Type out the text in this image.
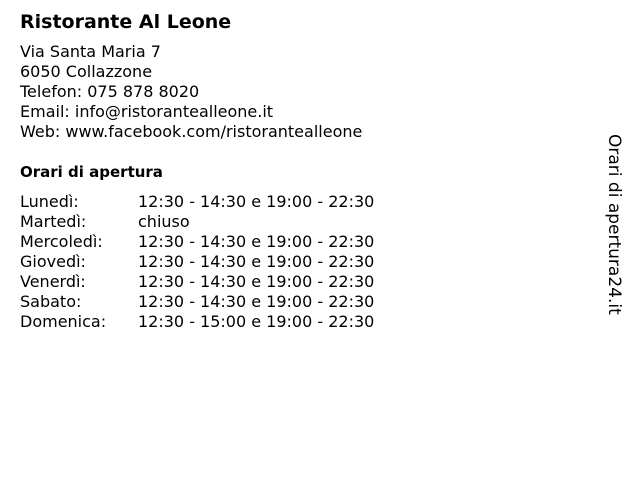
Ristorante Al Leone
Via Santa Maria 7
6050 Collazzone
Telefon: 075 878 8020
Email: info@ristorantealleone.it
Web: www.facebook.com/ristorantealleone
Orari di apertura
Lunedì:	12:30 - 14:30 e 19:00 - 22:30
Martedì:	chiuso
Mercoledì:	12:30 - 14:30 e 19:00 - 22:30
Giovedì:	12:30 - 14:30 e 19:00 - 22:30
Venerdì:	12:30 - 14:30 e 19:00 - 22:30
Sabato:	12:30 - 14:30 e 19:00 - 22:30
Domenica:	12:30 - 15:00 e 19:00 - 22:30
Orari di apertura24.it
